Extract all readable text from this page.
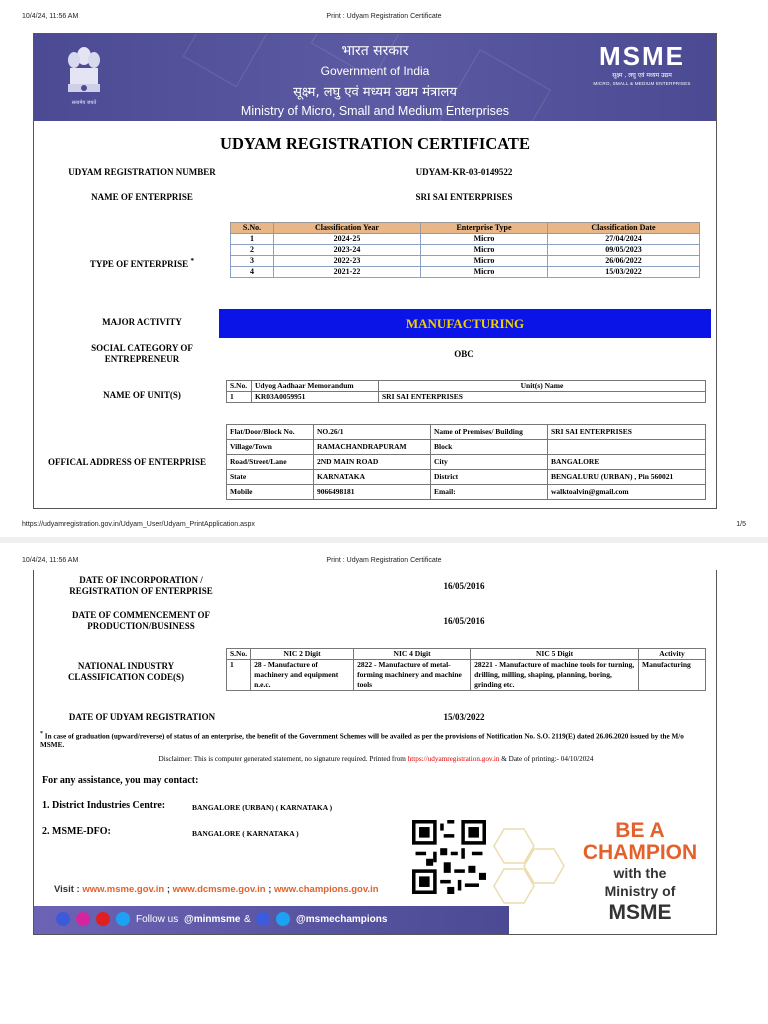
10/4/24, 11:56 AM	Print : Udyam Registration Certificate
सत्यमेव जयते
भारत सरकार
Government of India
सूक्ष्म, लघु एवं मध्यम उद्यम मंत्रालय
Ministry of Micro, Small and Medium Enterprises
MSME
सूक्ष्म , लघु एवं मध्यम उद्यम
MICRO, SMALL & MEDIUM ENTERPRISES
UDYAM REGISTRATION CERTIFICATE
UDYAM REGISTRATION NUMBER	UDYAM-KR-03-0149522
NAME OF ENTERPRISE	SRI SAI ENTERPRISES
TYPE OF ENTERPRISE *
S.No.	Classification Year	Enterprise Type	Classification Date
1	2024-25	Micro	27/04/2024
2	2023-24	Micro	09/05/2023
3	2022-23	Micro	26/06/2022
4	2021-22	Micro	15/03/2022
MAJOR ACTIVITY	MANUFACTURING
SOCIAL CATEGORY OF ENTREPRENEUR	OBC
NAME OF UNIT(S)
S.No.	Udyog Aadhaar Memorandum	Unit(s) Name
1	KR03A0059951	SRI SAI ENTERPRISES
OFFICAL ADDRESS OF ENTERPRISE
Flat/Door/Block No.	NO.26/1	Name of Premises/ Building	SRI SAI ENTERPRISES
Village/Town	RAMACHANDRAPURAM	Block	
Road/Street/Lane	2ND MAIN ROAD	City	BANGALORE
State	KARNATAKA	District	BENGALURU (URBAN) , Pin 560021
Mobile	9066498181	Email:	walktoalvin@gmail.com
https://udyamregistration.gov.in/Udyam_User/Udyam_PrintApplication.aspx	1/5
10/4/24, 11:56 AM	Print : Udyam Registration Certificate
DATE OF INCORPORATION / REGISTRATION OF ENTERPRISE	16/05/2016
DATE OF COMMENCEMENT OF PRODUCTION/BUSINESS	16/05/2016
NATIONAL INDUSTRY CLASSIFICATION CODE(S)
S.No.	NIC 2 Digit	NIC 4 Digit	NIC 5 Digit	Activity
1	28 - Manufacture of machinery and equipment n.e.c.	2822 - Manufacture of metal-forming machinery and machine tools	28221 - Manufacture of machine tools for turning, drilling, milling, shaping, planning, boring, grinding etc.	Manufacturing
DATE OF UDYAM REGISTRATION	15/03/2022
* In case of graduation (upward/reverse) of status of an enterprise, the benefit of the Government Schemes will be availed as per the provisions of Notification No. S.O. 2119(E) dated 26.06.2020 issued by the M/o MSME.
Disclaimer: This is computer generated statement, no signature required. Printed from https://udyamregistration.gov.in & Date of printing:- 04/10/2024
For any assistance, you may contact:
1. District Industries Centre:	BANGALORE (URBAN) ( KARNATAKA )
2. MSME-DFO:	BANGALORE ( KARNATAKA )	BE A
CHAMPION
with the
Ministry of
MSME
Visit : www.msme.gov.in ; www.dcmsme.gov.in ; www.champions.gov.in
Follow us @minmsme &	@msmechampions
